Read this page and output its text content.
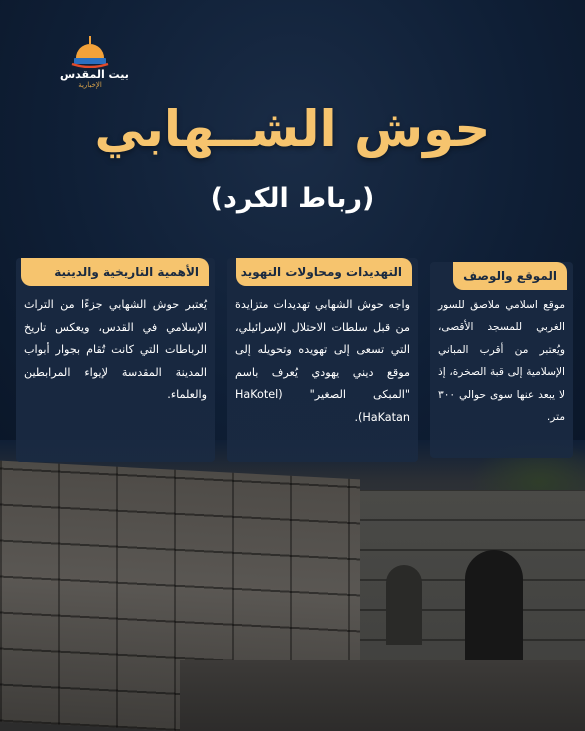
بيت المقدس
الإخبارية
حوش الشــهابي
(رباط الكرد)
الموقع والوصف
موقع اسلامي ملاصق للسور الغربي للمسجد الأقصى، ويُعتبر من أقرب المباني الإسلامية إلى قبة الصخرة، إذ لا يبعد عنها سوى حوالي ٣٠٠ متر.
التهديدات ومحاولات التهويد
واجه حوش الشهابي تهديدات متزايدة من قبل سلطات الاحتلال الإسرائيلي، التي تسعى إلى تهويده وتحويله إلى موقع ديني يهودي يُعرف باسم "المبكى الصغير" (HaKotel HaKatan).
الأهمية التاريخية والدينية
يُعتبر حوش الشهابي جزءًا من التراث الإسلامي في القدس، ويعكس تاريخ الرباطات التي كانت تُقام بجوار أبواب المدينة المقدسة لإيواء المرابطين والعلماء.
